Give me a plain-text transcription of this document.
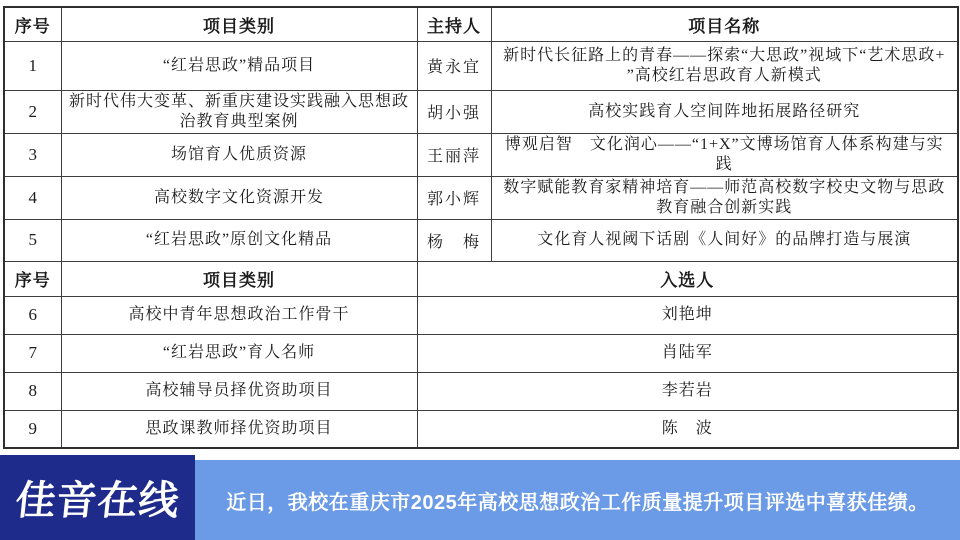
序号	项目类别	主持人	项目名称
1	“红岩思政”精品项目	黄永宜	新时代长征路上的青春——探索“大思政”视域下“艺术思政+ ”高校红岩思政育人新模式
2	新时代伟大变革、新重庆建设实践融入思想政治教育典型案例	胡小强	高校实践育人空间阵地拓展路径研究
3	场馆育人优质资源	王丽萍	博观启智　文化润心——“1+X”文博场馆育人体系构建与实践
4	高校数字文化资源开发	郭小辉	数字赋能教育家精神培育——师范高校数字校史文物与思政教育融合创新实践
5	“红岩思政”原创文化精品	杨　梅	文化育人视阈下话剧《人间好》的品牌打造与展演
序号	项目类别	入选人	
6	高校中青年思想政治工作骨干	刘艳坤	
7	“红岩思政”育人名师	肖陆军	
8	高校辅导员择优资助项目	李若岩	
9	思政课教师择优资助项目	陈　波	
佳音在线 近日，我校在重庆市2025年高校思想政治工作质量提升项目评选中喜获佳绩。
